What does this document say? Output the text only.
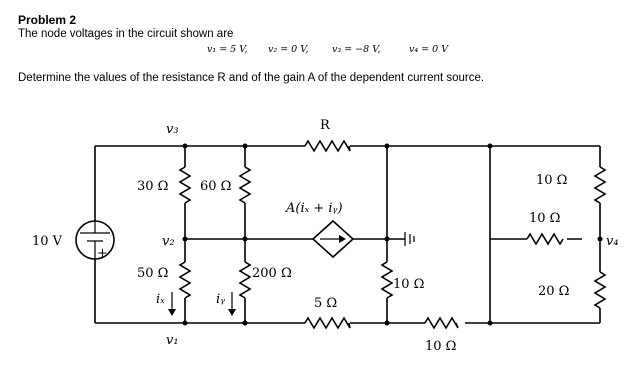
Problem 2
The node voltages in the circuit shown are
v₁ = 5 V, v₂ = 0 V, v₃ = −8 V,	v₄ = 0 V
Determine the values of the resistance R and of the gain A of the dependent current source.
10 V
+
v₃
v₂
v₁
v₄
R
30 Ω 60 Ω
50 Ω	200 Ω
5 Ω
10 Ω
10 Ω
10 Ω
10 Ω
20 Ω
A(iₓ + iᵧ)
iₓ	iᵧ
